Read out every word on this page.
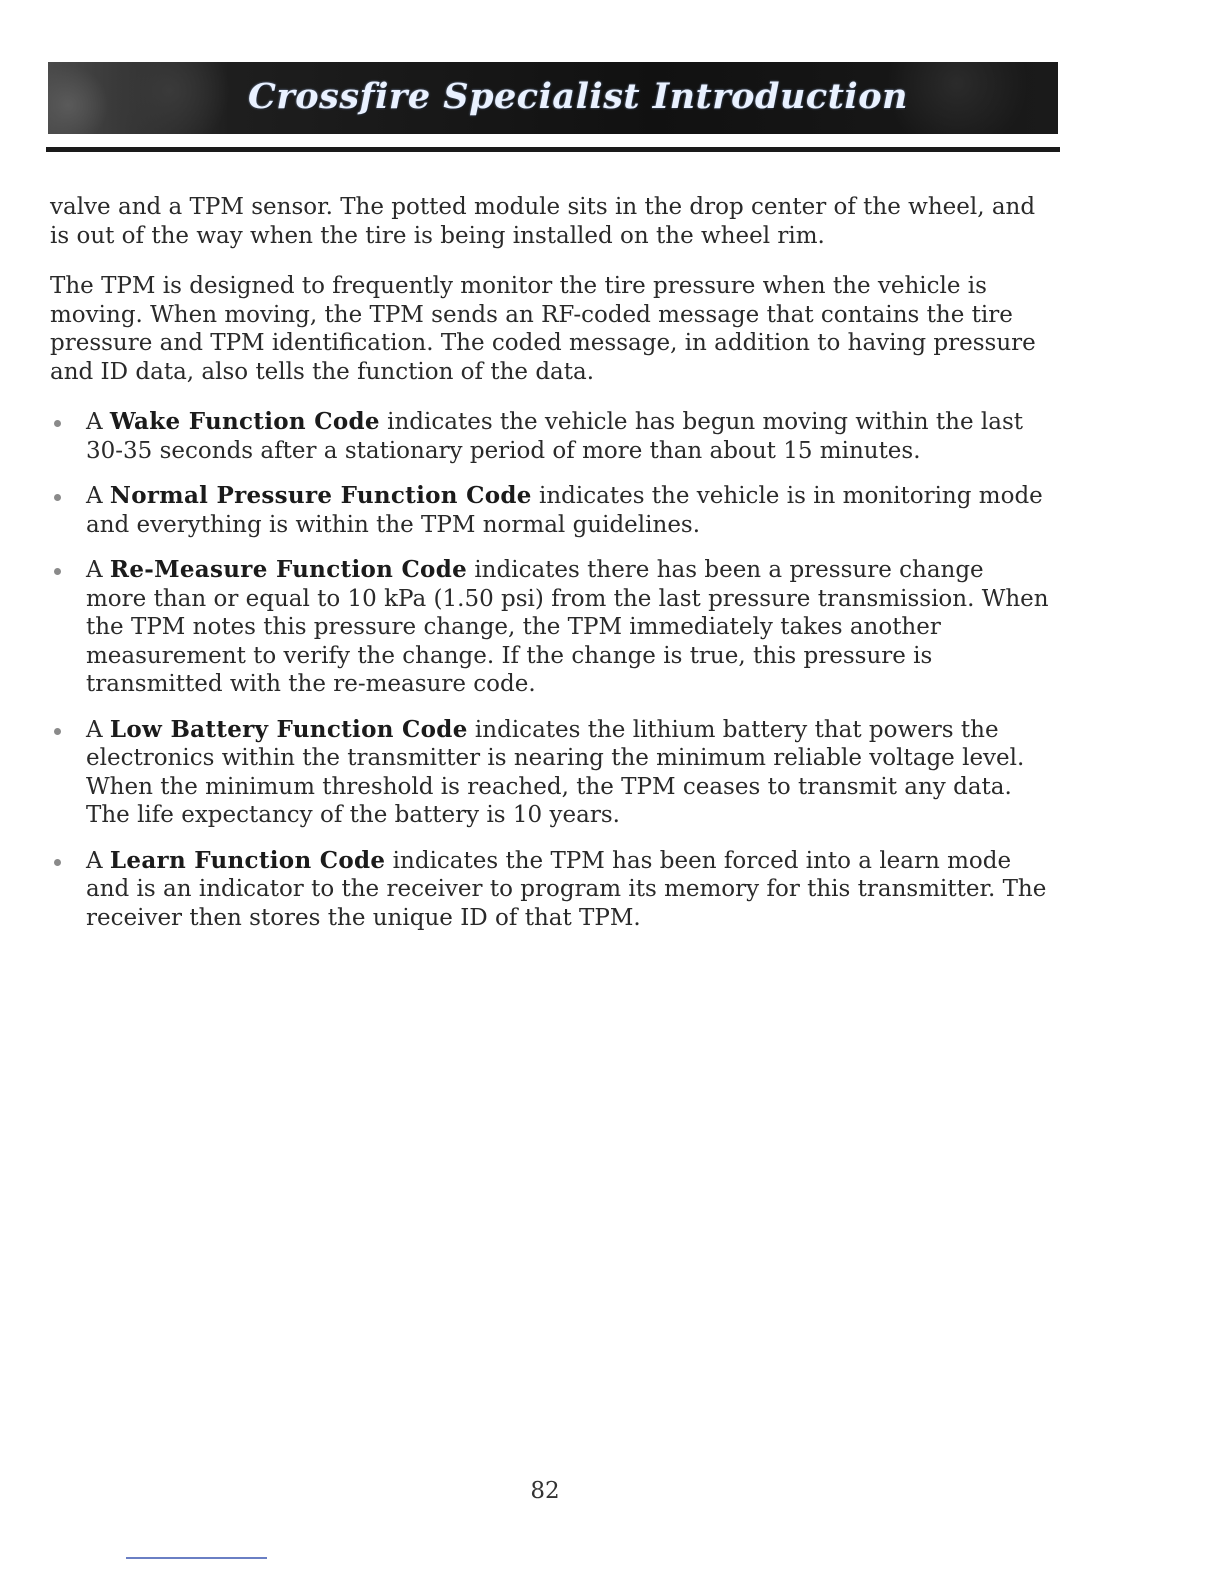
Crossfire Specialist Introduction

valve and a TPM sensor. The potted module sits in the drop center of the wheel, and is out of the way when the tire is being installed on the wheel rim.

The TPM is designed to frequently monitor the tire pressure when the vehicle is moving. When moving, the TPM sends an RF-coded message that contains the tire pressure and TPM identification. The coded message, in addition to having pressure and ID data, also tells the function of the data.

A Wake Function Code indicates the vehicle has begun moving within the last 30-35 seconds after a stationary period of more than about 15 minutes.
A Normal Pressure Function Code indicates the vehicle is in monitoring mode and everything is within the TPM normal guidelines.
A Re-Measure Function Code indicates there has been a pressure change more than or equal to 10 kPa (1.50 psi) from the last pressure transmission. When the TPM notes this pressure change, the TPM immediately takes another measurement to verify the change. If the change is true, this pressure is transmitted with the re-measure code.
A Low Battery Function Code indicates the lithium battery that powers the electronics within the transmitter is nearing the minimum reliable voltage level. When the minimum threshold is reached, the TPM ceases to transmit any data. The life expectancy of the battery is 10 years.
A Learn Function Code indicates the TPM has been forced into a learn mode and is an indicator to the receiver to program its memory for this transmitter. The receiver then stores the unique ID of that TPM.
82
